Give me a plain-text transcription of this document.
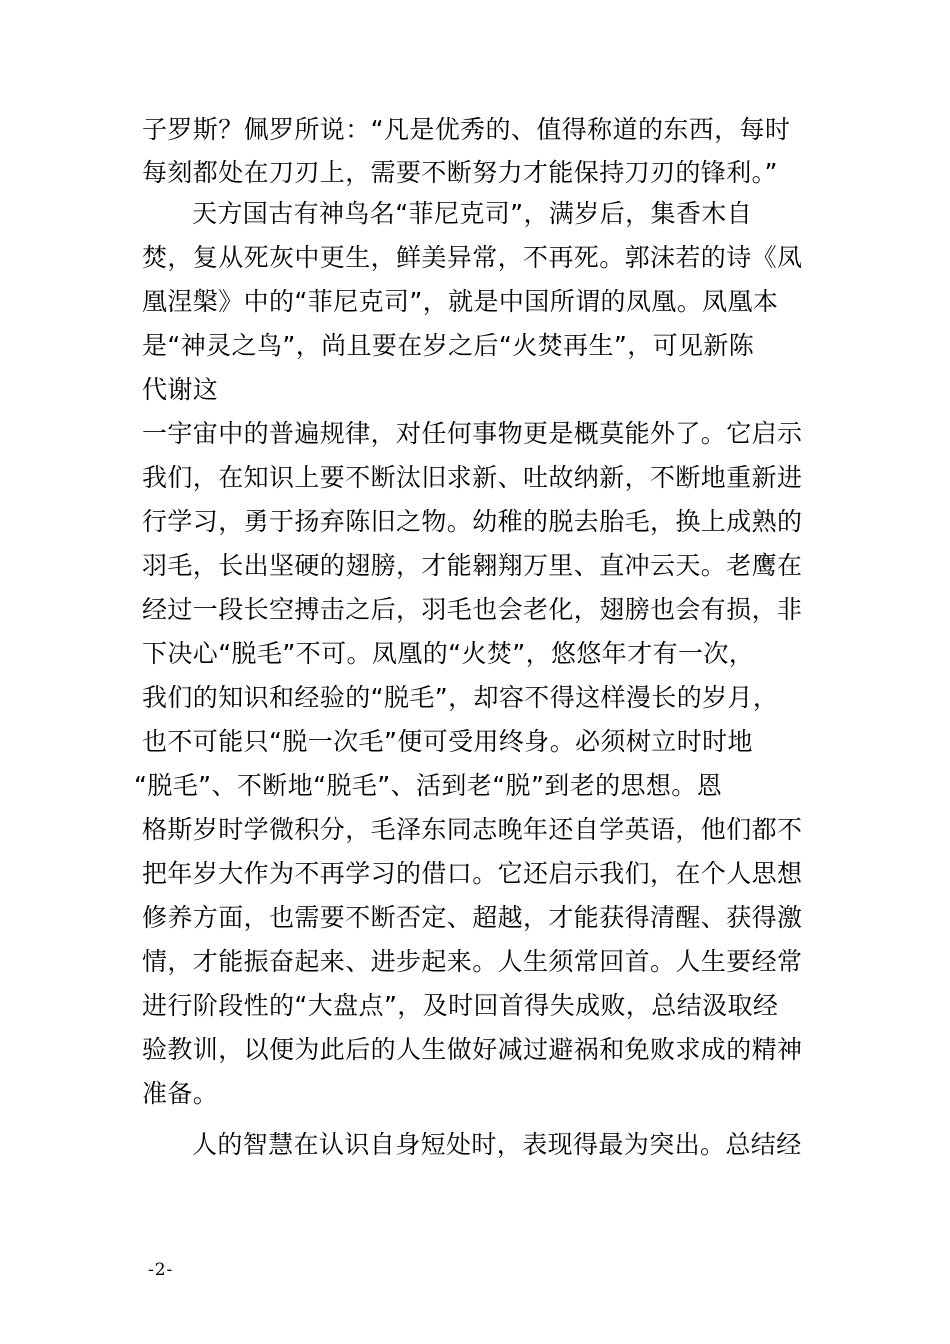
子罗斯？佩罗所说：“凡是优秀的、值得称道的东西，每时
每刻都处在刀刃上，需要不断努力才能保持刀刃的锋利。”
天方国古有神鸟名“菲尼克司”，满岁后，集香木自
焚，复从死灰中更生，鲜美异常，不再死。郭沫若的诗《凤
凰涅槃》中的“菲尼克司”，就是中国所谓的凤凰。凤凰本
是“神灵之鸟”，尚且要在岁之后“火焚再生”，可见新陈
代谢这
一宇宙中的普遍规律，对任何事物更是概莫能外了。它启示
我们，在知识上要不断汰旧求新、吐故纳新，不断地重新进
行学习，勇于扬弃陈旧之物。幼稚的脱去胎毛，换上成熟的
羽毛，长出坚硬的翅膀，才能翱翔万里、直冲云天。老鹰在
经过一段长空搏击之后，羽毛也会老化，翅膀也会有损，非
下决心“脱毛”不可。凤凰的“火焚”，悠悠年才有一次，
我们的知识和经验的“脱毛”，却容不得这样漫长的岁月，
也不可能只“脱一次毛”便可受用终身。必须树立时时地
“脱毛”、不断地“脱毛”、活到老“脱”到老的思想。恩
格斯岁时学微积分，毛泽东同志晚年还自学英语，他们都不
把年岁大作为不再学习的借口。它还启示我们，在个人思想
修养方面，也需要不断否定、超越，才能获得清醒、获得激
情，才能振奋起来、进步起来。人生须常回首。人生要经常
进行阶段性的“大盘点”，及时回首得失成败，总结汲取经
验教训，以便为此后的人生做好减过避祸和免败求成的精神
准备。
人的智慧在认识自身短处时，表现得最为突出。总结经
-2-
